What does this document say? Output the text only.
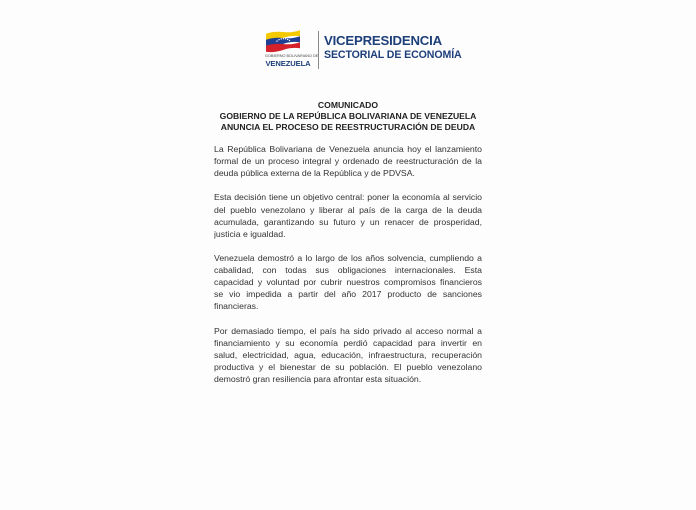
GOBIERNO BOLIVARIANO DE
VENEZUELA
VICEPRESIDENCIA
SECTORIAL DE ECONOMÍA
COMUNICADO
GOBIERNO DE LA REPÚBLICA BOLIVARIANA DE VENEZUELA
ANUNCIA EL PROCESO DE REESTRUCTURACIÓN DE DEUDA
La República Bolivariana de Venezuela anuncia hoy el lanzamiento
formal de un proceso integral y ordenado de reestructuración de la
deuda pública externa de la República y de PDVSA.
Esta decisión tiene un objetivo central: poner la economía al servicio
del pueblo venezolano y liberar al país de la carga de la deuda
acumulada, garantizando su futuro y un renacer de prosperidad,
justicia e igualdad.
Venezuela demostró a lo largo de los años solvencia, cumpliendo a
cabalidad, con todas sus obligaciones internacionales. Esta
capacidad y voluntad por cubrir nuestros compromisos financieros
se vio impedida a partir del año 2017 producto de sanciones
financieras.
Por demasiado tiempo, el país ha sido privado al acceso normal a
financiamiento y su economía perdió capacidad para invertir en
salud, electricidad, agua, educación, infraestructura, recuperación
productiva y el bienestar de su población. El pueblo venezolano
demostró gran resiliencia para afrontar esta situación.
